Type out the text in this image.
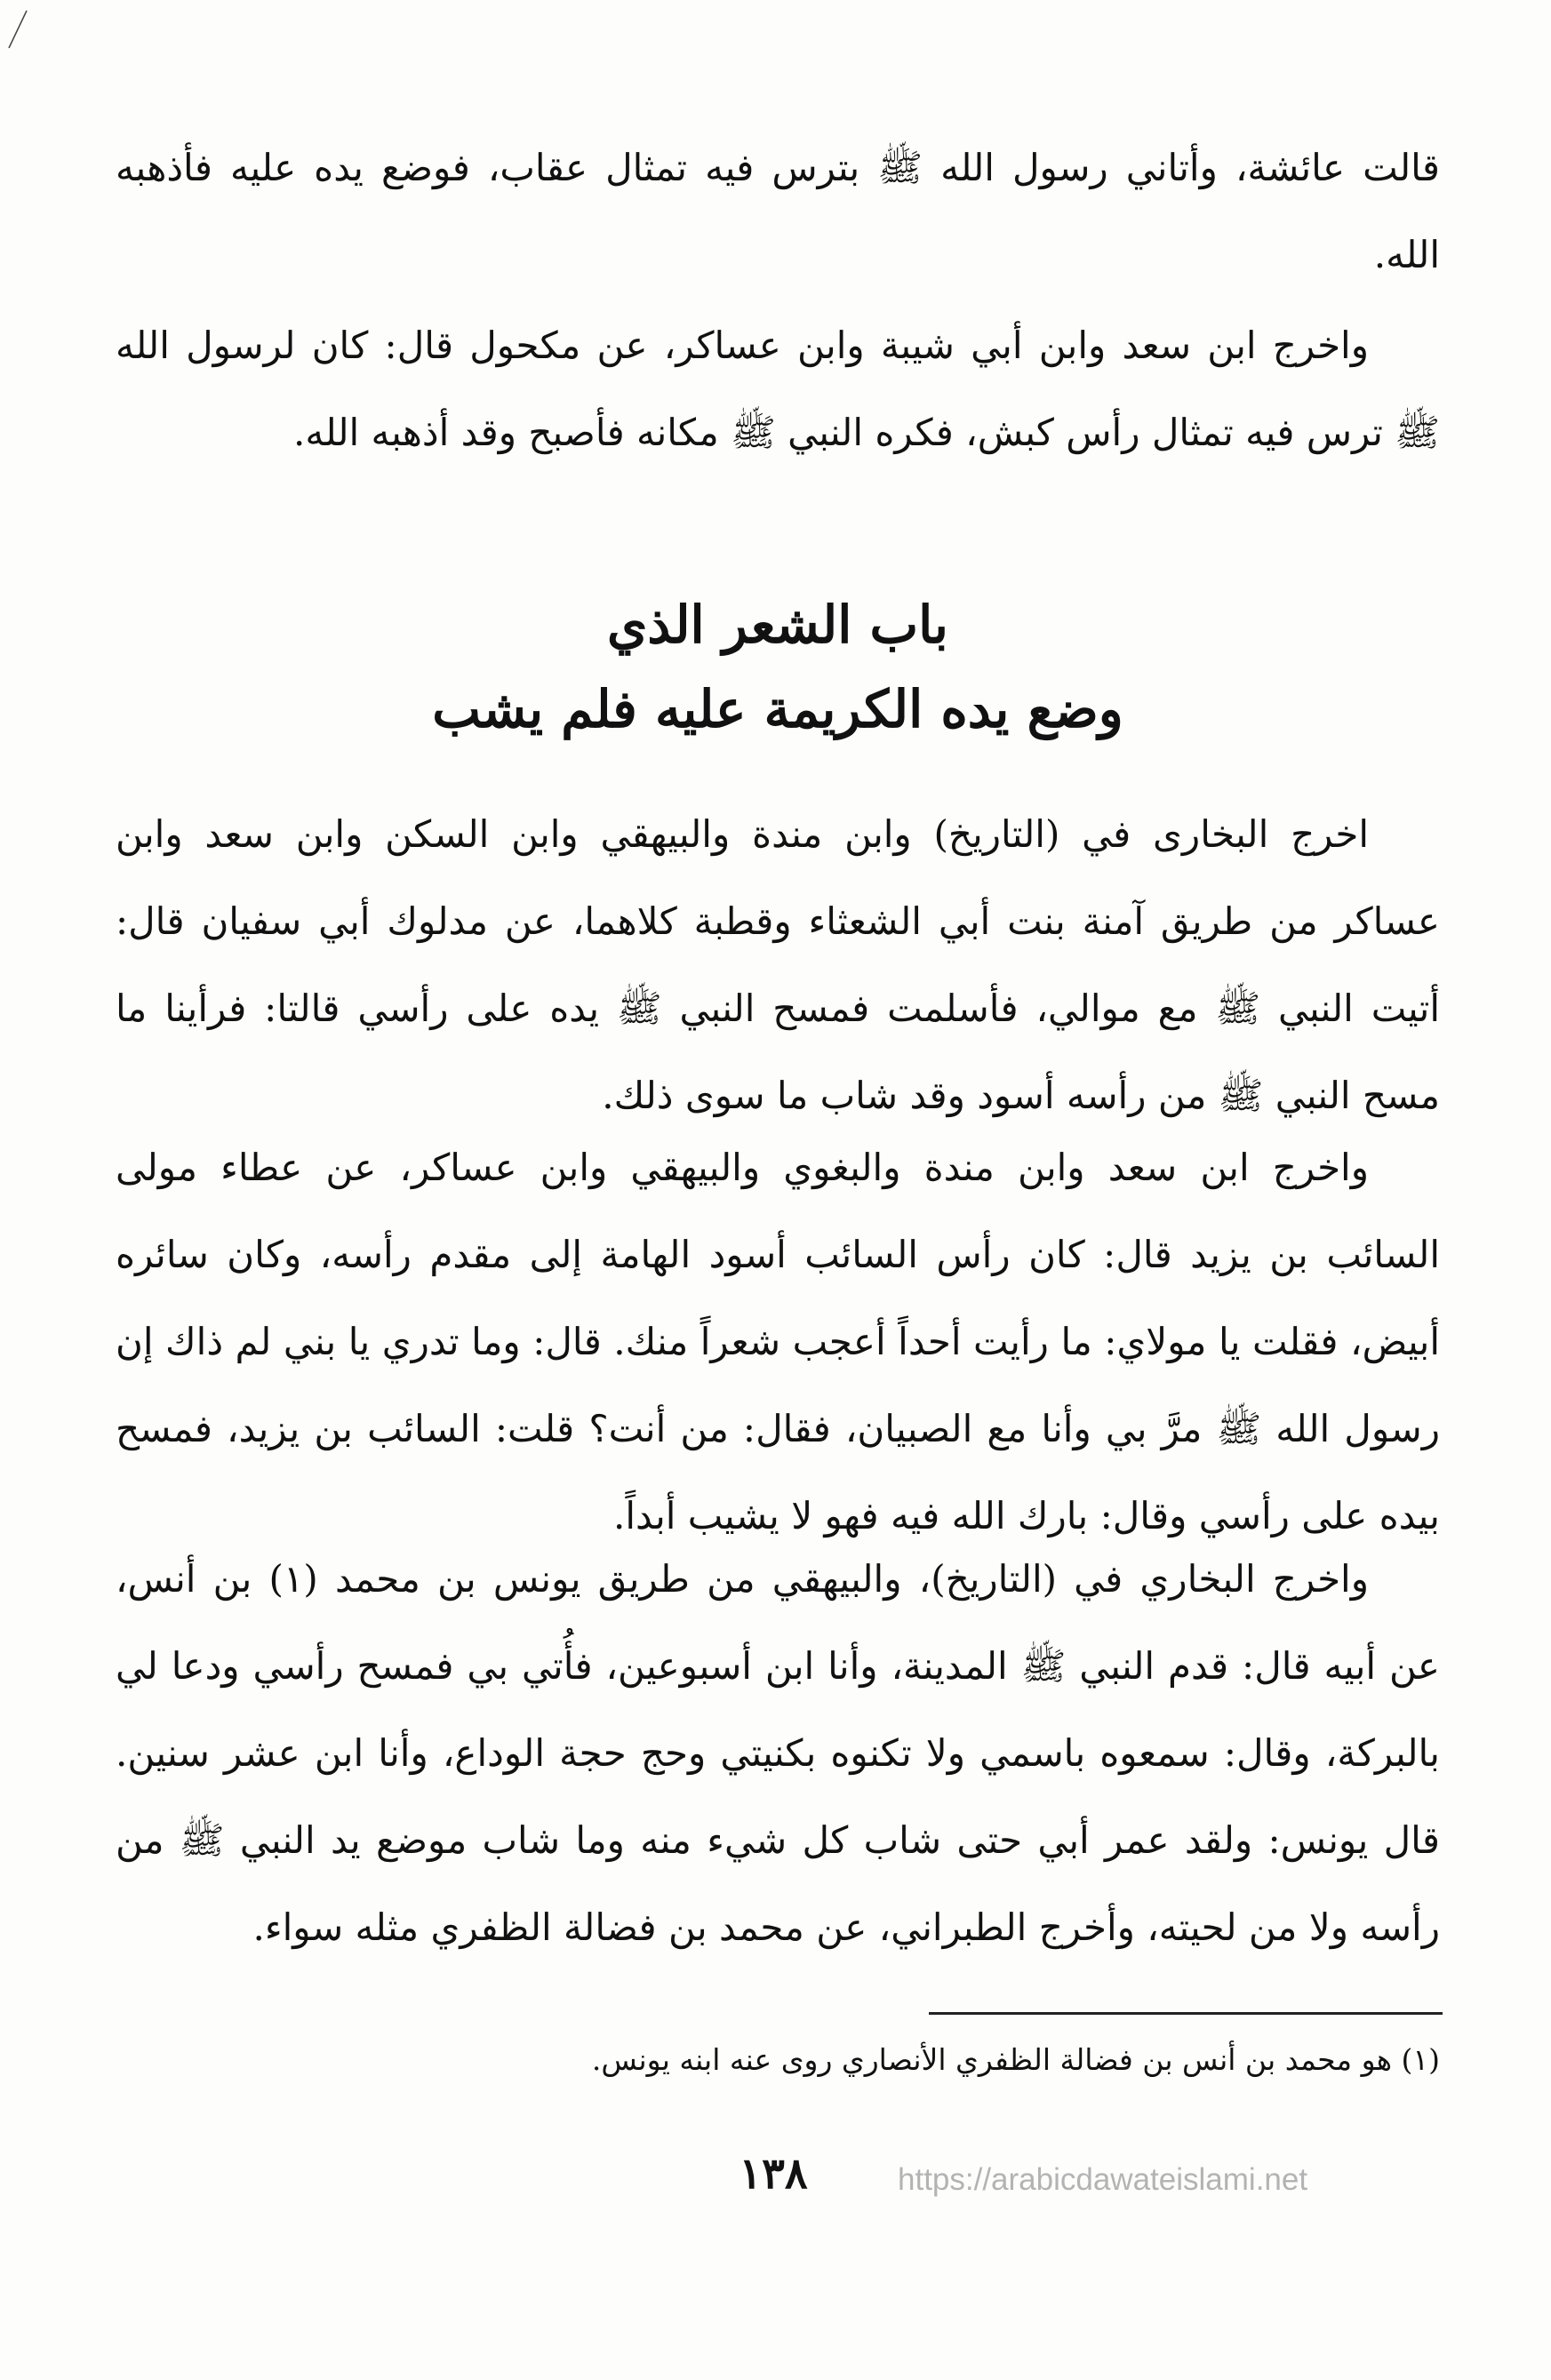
قالت عائشة، وأتاني رسول الله ﷺ بترس فيه تمثال عقاب، فوضع يده عليه فأذهبه الله.

واخرج ابن سعد وابن أبي شيبة وابن عساكر، عن مكحول قال: كان لرسول الله ﷺ ترس فيه تمثال رأس كبش، فكره النبي ﷺ مكانه فأصبح وقد أذهبه الله.

باب الشعر الذي
وضع يده الكريمة عليه فلم يشب

اخرج البخارى في (التاريخ) وابن مندة والبيهقي وابن السكن وابن سعد وابن عساكر من طريق آمنة بنت أبي الشعثاء وقطبة كلاهما، عن مدلوك أبي سفيان قال: أتيت النبي ﷺ مع موالي، فأسلمت فمسح النبي ﷺ يده على رأسي قالتا: فرأينا ما مسح النبي ﷺ من رأسه أسود وقد شاب ما سوى ذلك.

واخرج ابن سعد وابن مندة والبغوي والبيهقي وابن عساكر، عن عطاء مولى السائب بن يزيد قال: كان رأس السائب أسود الهامة إلى مقدم رأسه، وكان سائره أبيض، فقلت يا مولاي: ما رأيت أحداً أعجب شعراً منك. قال: وما تدري يا بني لم ذاك إن رسول الله ﷺ مرَّ بي وأنا مع الصبيان، فقال: من أنت؟ قلت: السائب بن يزيد، فمسح بيده على رأسي وقال: بارك الله فيه فهو لا يشيب أبداً.

واخرج البخاري في (التاريخ)، والبيهقي من طريق يونس بن محمد (١) بن أنس، عن أبيه قال: قدم النبي ﷺ المدينة، وأنا ابن أسبوعين، فأُتي بي فمسح رأسي ودعا لي بالبركة، وقال: سمعوه باسمي ولا تكنوه بكنيتي وحج حجة الوداع، وأنا ابن عشر سنين. قال يونس: ولقد عمر أبي حتى شاب كل شيء منه وما شاب موضع يد النبي ﷺ من رأسه ولا من لحيته، وأخرج الطبراني، عن محمد بن فضالة الظفري مثله سواء.

(١) هو محمد بن أنس بن فضالة الظفري الأنصاري روى عنه ابنه يونس.
١٣٨	https://arabicdawateislami.net
